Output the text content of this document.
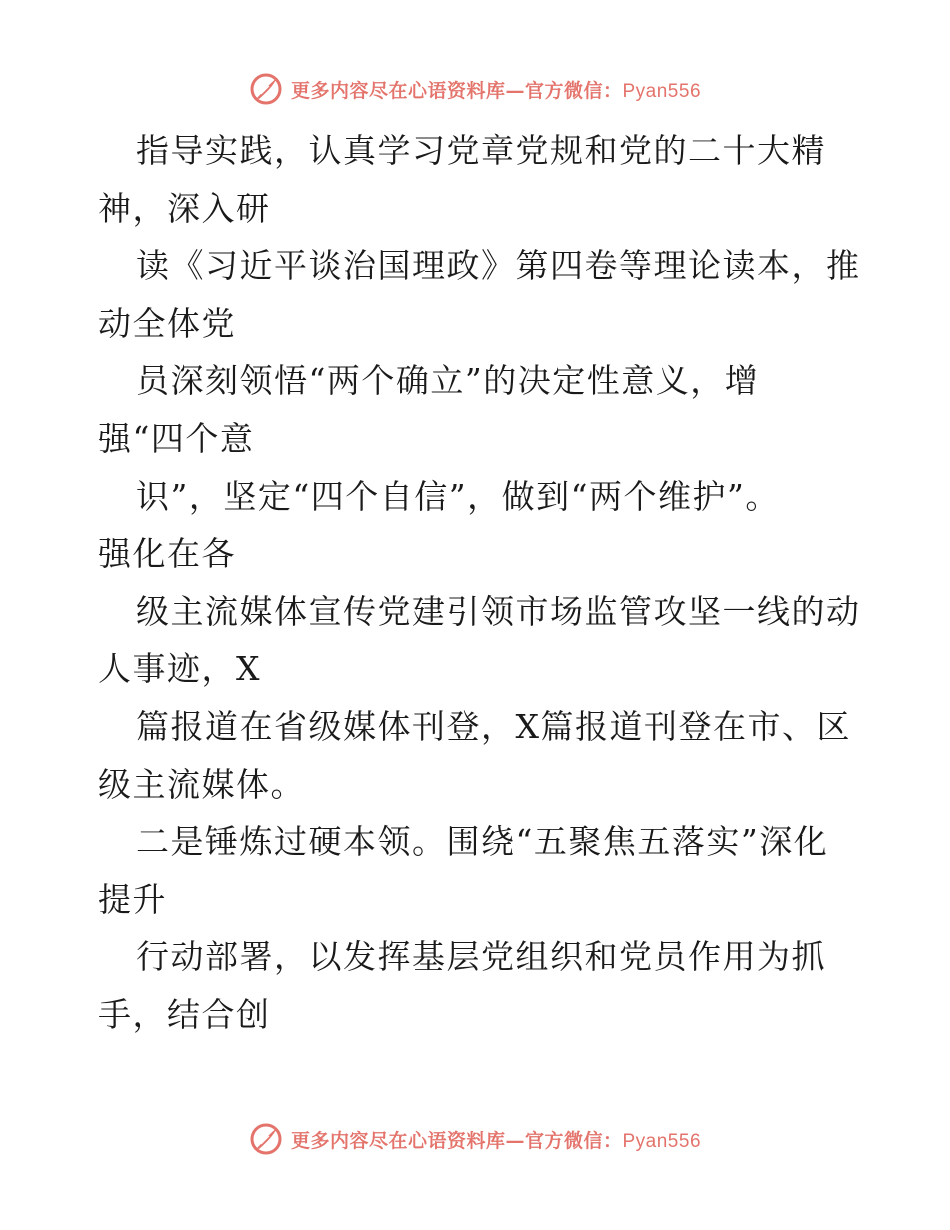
更多内容尽在心语资料库—官方微信：Pyan556
指导实践，认真学习党章党规和党的二十大精
神，深入研
读《习近平谈治国理政》第四卷等理论读本，推
动全体党
员深刻领悟“两个确立”的决定性意义，增
强“四个意
识”，坚定“四个自信”，做到“两个维护”。
强化在各
级主流媒体宣传党建引领市场监管攻坚一线的动
人事迹，X
篇报道在省级媒体刊登，X篇报道刊登在市、区
级主流媒体。
二是锤炼过硬本领。围绕“五聚焦五落实”深化
提升
行动部署，以发挥基层党组织和党员作用为抓
手，结合创
更多内容尽在心语资料库—官方微信：Pyan556
